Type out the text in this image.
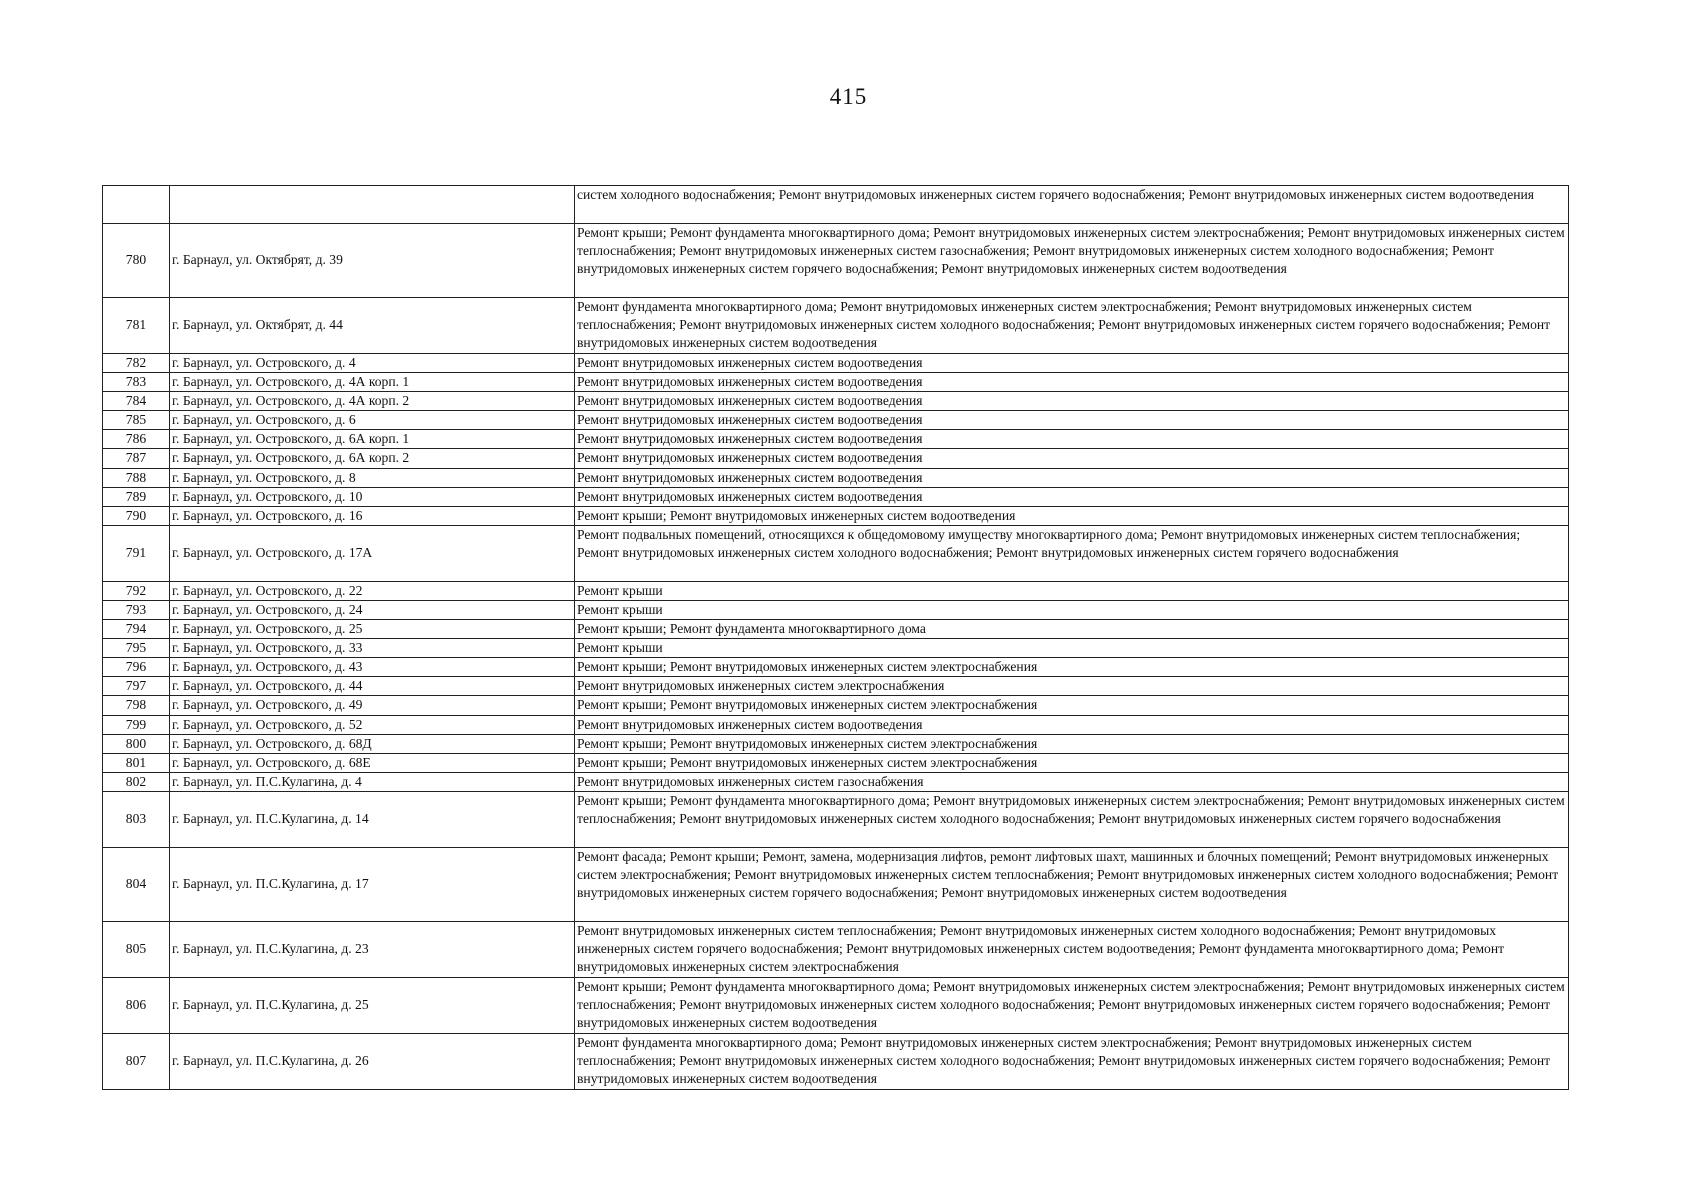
415
		систем холодного водоснабжения; Ремонт внутридомовых инженерных систем горячего водоснабжения; Ремонт внутридомовых инженерных систем водоотведения
780	г. Барнаул, ул. Октябрят, д. 39	Ремонт крыши; Ремонт фундамента многоквартирного дома; Ремонт внутридомовых инженерных систем электроснабжения; Ремонт внутридомовых инженерных систем теплоснабжения; Ремонт внутридомовых инженерных систем газоснабжения; Ремонт внутридомовых инженерных систем холодного водоснабжения; Ремонт внутридомовых инженерных систем горячего водоснабжения; Ремонт внутридомовых инженерных систем водоотведения
781	г. Барнаул, ул. Октябрят, д. 44	Ремонт фундамента многоквартирного дома; Ремонт внутридомовых инженерных систем электроснабжения; Ремонт внутридомовых инженерных систем теплоснабжения; Ремонт внутридомовых инженерных систем холодного водоснабжения; Ремонт внутридомовых инженерных систем горячего водоснабжения; Ремонт внутридомовых инженерных систем водоотведения
782	г. Барнаул, ул. Островского, д. 4	Ремонт внутридомовых инженерных систем водоотведения
783	г. Барнаул, ул. Островского, д. 4А корп. 1	Ремонт внутридомовых инженерных систем водоотведения
784	г. Барнаул, ул. Островского, д. 4А корп. 2	Ремонт внутридомовых инженерных систем водоотведения
785	г. Барнаул, ул. Островского, д. 6	Ремонт внутридомовых инженерных систем водоотведения
786	г. Барнаул, ул. Островского, д. 6А корп. 1	Ремонт внутридомовых инженерных систем водоотведения
787	г. Барнаул, ул. Островского, д. 6А корп. 2	Ремонт внутридомовых инженерных систем водоотведения
788	г. Барнаул, ул. Островского, д. 8	Ремонт внутридомовых инженерных систем водоотведения
789	г. Барнаул, ул. Островского, д. 10	Ремонт внутридомовых инженерных систем водоотведения
790	г. Барнаул, ул. Островского, д. 16	Ремонт крыши; Ремонт внутридомовых инженерных систем водоотведения
791	г. Барнаул, ул. Островского, д. 17А	Ремонт подвальных помещений, относящихся к общедомовому имуществу многоквартирного дома; Ремонт внутридомовых инженерных систем теплоснабжения; Ремонт внутридомовых инженерных систем холодного водоснабжения; Ремонт внутридомовых инженерных систем горячего водоснабжения
792	г. Барнаул, ул. Островского, д. 22	Ремонт крыши
793	г. Барнаул, ул. Островского, д. 24	Ремонт крыши
794	г. Барнаул, ул. Островского, д. 25	Ремонт крыши; Ремонт фундамента многоквартирного дома
795	г. Барнаул, ул. Островского, д. 33	Ремонт крыши
796	г. Барнаул, ул. Островского, д. 43	Ремонт крыши; Ремонт внутридомовых инженерных систем электроснабжения
797	г. Барнаул, ул. Островского, д. 44	Ремонт внутридомовых инженерных систем электроснабжения
798	г. Барнаул, ул. Островского, д. 49	Ремонт крыши; Ремонт внутридомовых инженерных систем электроснабжения
799	г. Барнаул, ул. Островского, д. 52	Ремонт внутридомовых инженерных систем водоотведения
800	г. Барнаул, ул. Островского, д. 68Д	Ремонт крыши; Ремонт внутридомовых инженерных систем электроснабжения
801	г. Барнаул, ул. Островского, д. 68Е	Ремонт крыши; Ремонт внутридомовых инженерных систем электроснабжения
802	г. Барнаул, ул. П.С.Кулагина, д. 4	Ремонт внутридомовых инженерных систем газоснабжения
803	г. Барнаул, ул. П.С.Кулагина, д. 14	Ремонт крыши; Ремонт фундамента многоквартирного дома; Ремонт внутридомовых инженерных систем электроснабжения; Ремонт внутридомовых инженерных систем теплоснабжения; Ремонт внутридомовых инженерных систем холодного водоснабжения; Ремонт внутридомовых инженерных систем горячего водоснабжения
804	г. Барнаул, ул. П.С.Кулагина, д. 17	Ремонт фасада; Ремонт крыши; Ремонт, замена, модернизация лифтов, ремонт лифтовых шахт, машинных и блочных помещений; Ремонт внутридомовых инженерных систем электроснабжения; Ремонт внутридомовых инженерных систем теплоснабжения; Ремонт внутридомовых инженерных систем холодного водоснабжения; Ремонт внутридомовых инженерных систем горячего водоснабжения; Ремонт внутридомовых инженерных систем водоотведения
805	г. Барнаул, ул. П.С.Кулагина, д. 23	Ремонт внутридомовых инженерных систем теплоснабжения; Ремонт внутридомовых инженерных систем холодного водоснабжения; Ремонт внутридомовых инженерных систем горячего водоснабжения; Ремонт внутридомовых инженерных систем водоотведения; Ремонт фундамента многоквартирного дома; Ремонт внутридомовых инженерных систем электроснабжения
806	г. Барнаул, ул. П.С.Кулагина, д. 25	Ремонт крыши; Ремонт фундамента многоквартирного дома; Ремонт внутридомовых инженерных систем электроснабжения; Ремонт внутридомовых инженерных систем теплоснабжения; Ремонт внутридомовых инженерных систем холодного водоснабжения; Ремонт внутридомовых инженерных систем горячего водоснабжения; Ремонт внутридомовых инженерных систем водоотведения
807	г. Барнаул, ул. П.С.Кулагина, д. 26	Ремонт фундамента многоквартирного дома; Ремонт внутридомовых инженерных систем электроснабжения; Ремонт внутридомовых инженерных систем теплоснабжения; Ремонт внутридомовых инженерных систем холодного водоснабжения; Ремонт внутридомовых инженерных систем горячего водоснабжения; Ремонт внутридомовых инженерных систем водоотведения
